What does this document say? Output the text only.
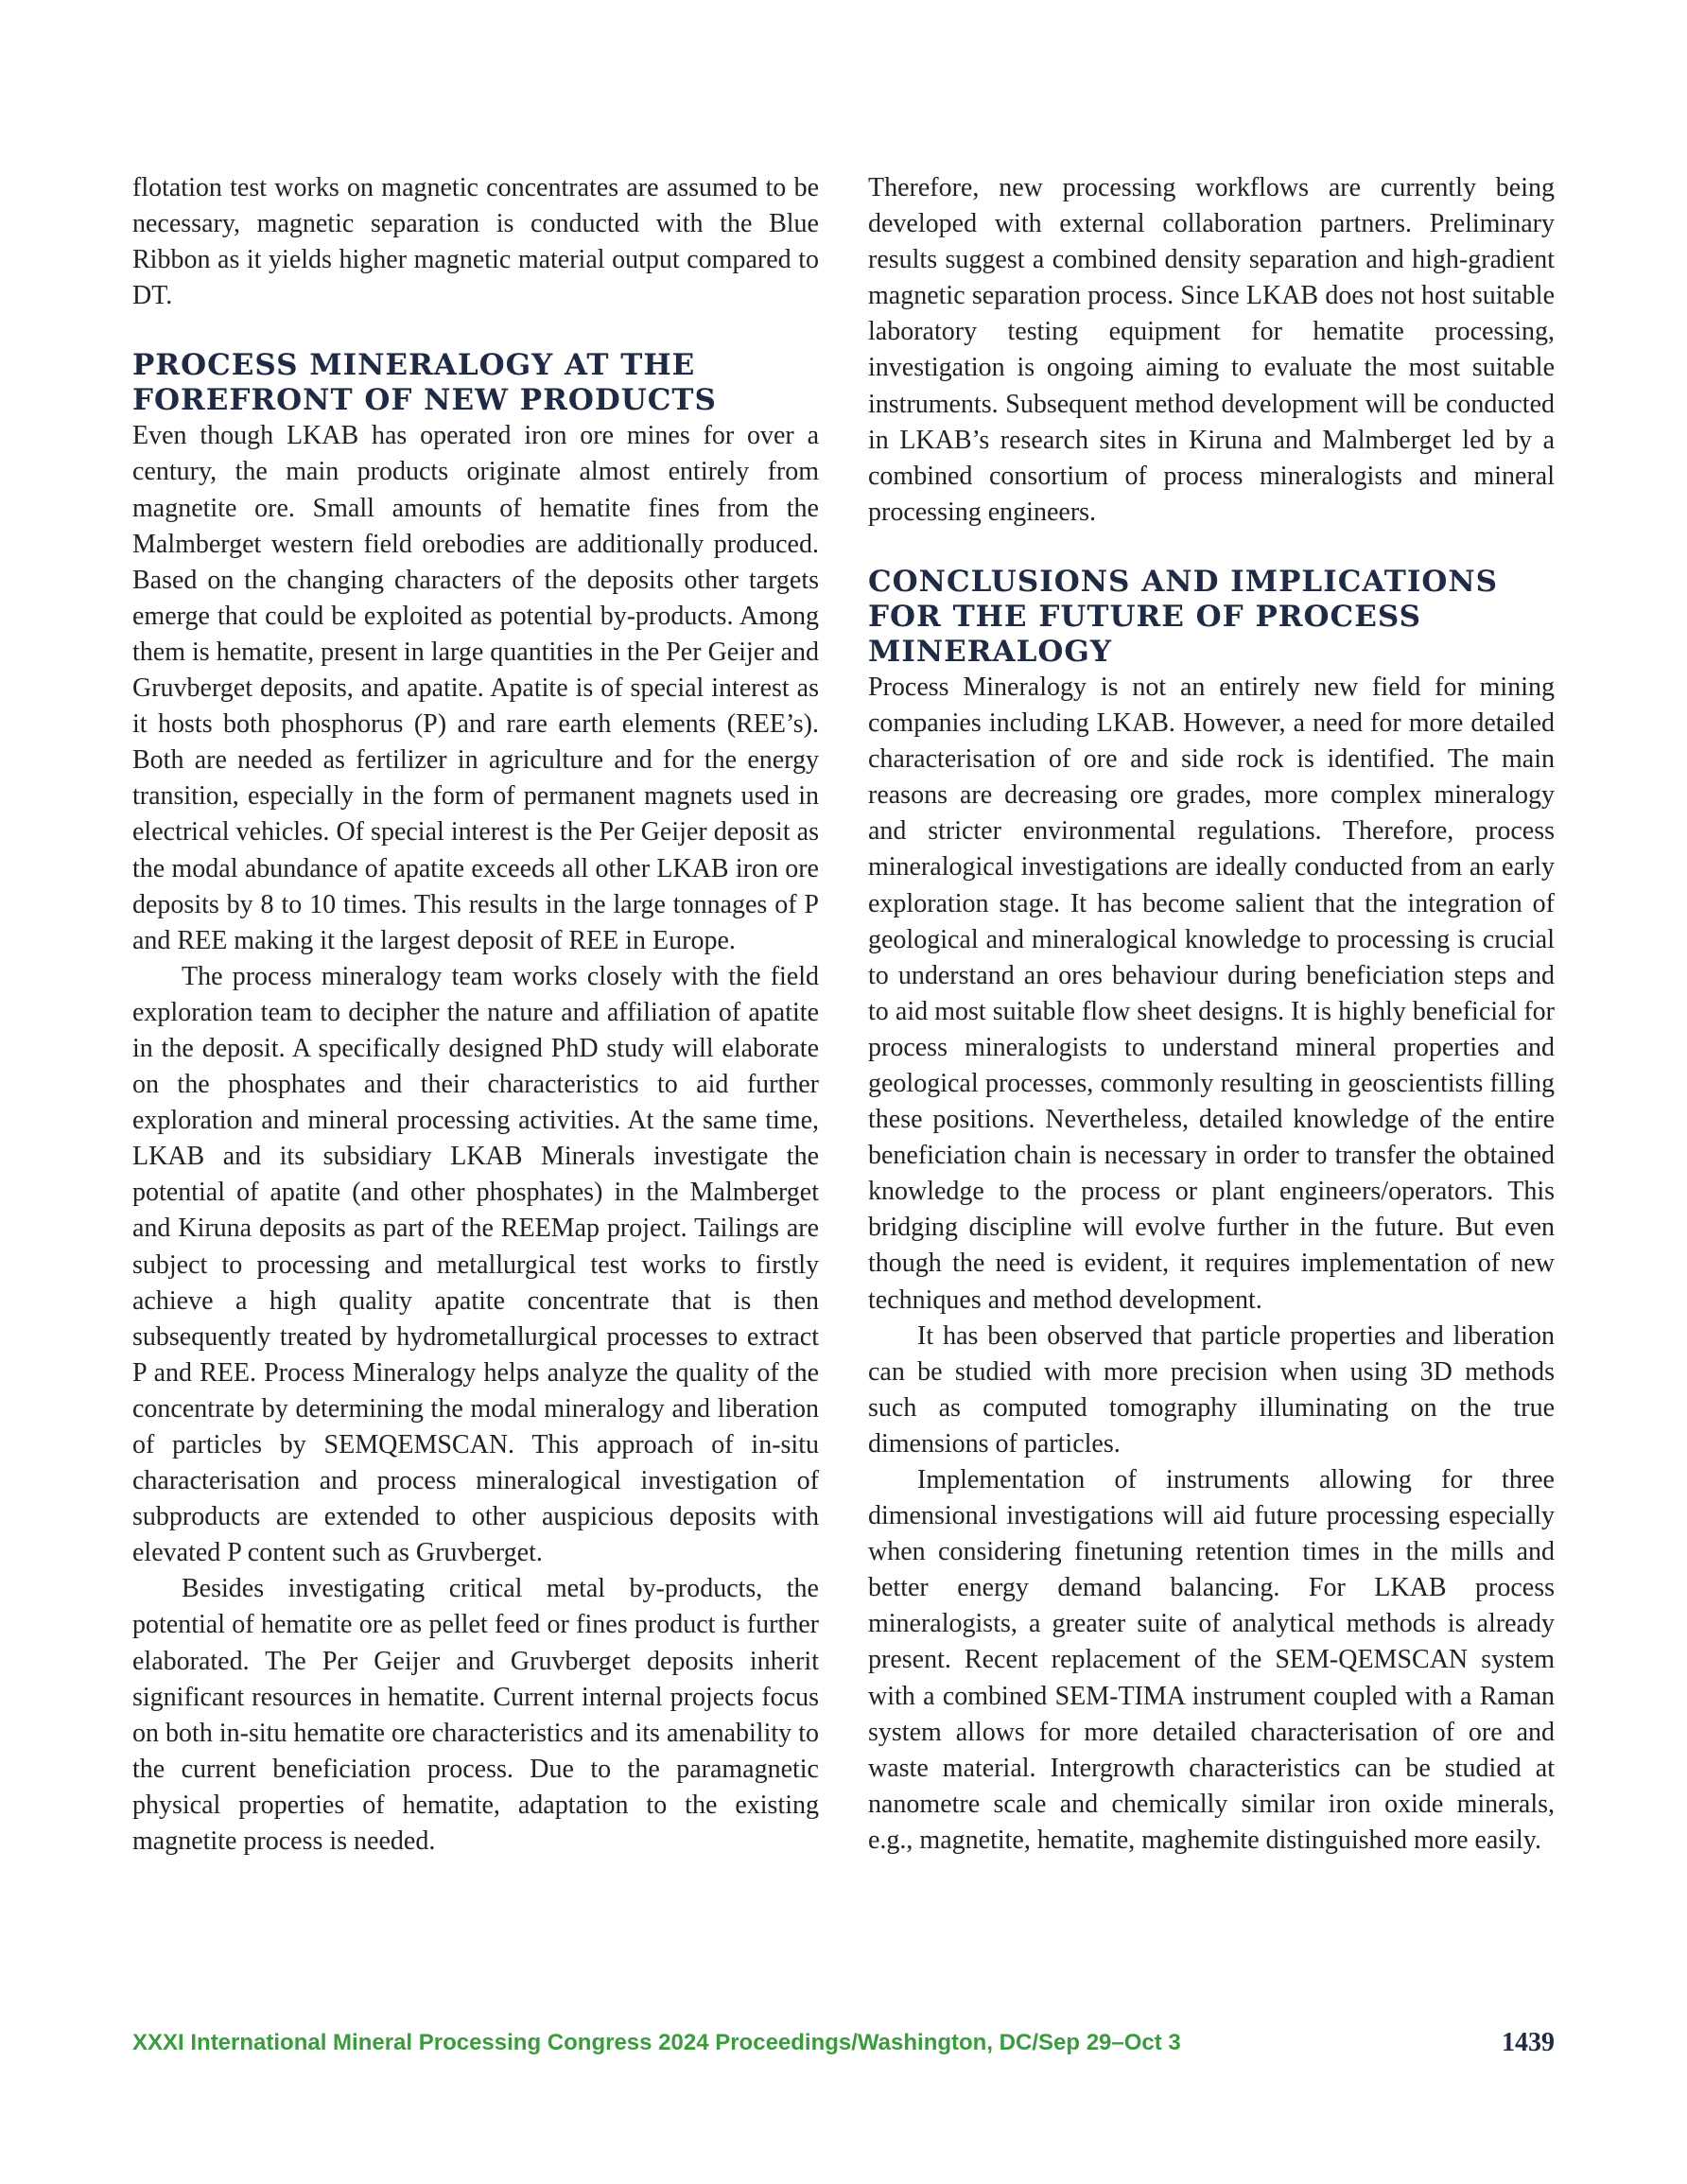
flotation test works on magnetic concentrates are assumed to be necessary, magnetic separation is conducted with the Blue Ribbon as it yields higher magnetic material output compared to DT.

PROCESS MINERALOGY AT THE FOREFRONT OF NEW PRODUCTS

Even though LKAB has operated iron ore mines for over a century, the main products originate almost entirely from magnetite ore. Small amounts of hematite fines from the Malmberget western field orebodies are additionally produced. Based on the changing characters of the deposits other targets emerge that could be exploited as potential by-products. Among them is hematite, present in large quantities in the Per Geijer and Gruvberget deposits, and apatite. Apatite is of special interest as it hosts both phosphorus (P) and rare earth elements (REE’s). Both are needed as fertilizer in agriculture and for the energy transition, especially in the form of permanent magnets used in electrical vehicles. Of special interest is the Per Geijer deposit as the modal abundance of apatite exceeds all other LKAB iron ore deposits by 8 to 10 times. This results in the large tonnages of P and REE making it the largest deposit of REE in Europe.

The process mineralogy team works closely with the field exploration team to decipher the nature and affiliation of apatite in the deposit. A specifically designed PhD study will elaborate on the phosphates and their characteristics to aid further exploration and mineral processing activities. At the same time, LKAB and its subsidiary LKAB Minerals investigate the potential of apatite (and other phosphates) in the Malmberget and Kiruna deposits as part of the REEMap project. Tailings are subject to processing and metallurgical test works to firstly achieve a high quality apatite concentrate that is then subsequently treated by hydrometallurgical processes to extract P and REE. Process Mineralogy helps analyze the quality of the concentrate by determining the modal mineralogy and liberation of particles by SEMQEMSCAN. This approach of in-situ characterisation and process mineralogical investigation of subproducts are extended to other auspicious deposits with elevated P content such as Gruvberget.

Besides investigating critical metal by-products, the potential of hematite ore as pellet feed or fines product is further elaborated. The Per Geijer and Gruvberget deposits inherit significant resources in hematite. Current internal projects focus on both in-situ hematite ore characteristics and its amenability to the current beneficiation process. Due to the paramagnetic physical properties of hematite, adaptation to the existing magnetite process is needed.

Therefore, new processing workflows are currently being developed with external collaboration partners. Preliminary results suggest a combined density separation and high-gradient magnetic separation process. Since LKAB does not host suitable laboratory testing equipment for hematite processing, investigation is ongoing aiming to evaluate the most suitable instruments. Subsequent method development will be conducted in LKAB’s research sites in Kiruna and Malmberget led by a combined consortium of process mineralogists and mineral processing engineers.

CONCLUSIONS AND IMPLICATIONS FOR THE FUTURE OF PROCESS MINERALOGY

Process Mineralogy is not an entirely new field for mining companies including LKAB. However, a need for more detailed characterisation of ore and side rock is identified. The main reasons are decreasing ore grades, more complex mineralogy and stricter environmental regulations. Therefore, process mineralogical investigations are ideally conducted from an early exploration stage. It has become salient that the integration of geological and mineralogical knowledge to processing is crucial to understand an ores behaviour during beneficiation steps and to aid most suitable flow sheet designs. It is highly beneficial for process mineralogists to understand mineral properties and geological processes, commonly resulting in geoscientists filling these positions. Nevertheless, detailed knowledge of the entire beneficiation chain is necessary in order to transfer the obtained knowledge to the process or plant engineers/operators. This bridging discipline will evolve further in the future. But even though the need is evident, it requires implementation of new techniques and method development.

It has been observed that particle properties and liberation can be studied with more precision when using 3D methods such as computed tomography illuminating on the true dimensions of particles.

Implementation of instruments allowing for three dimensional investigations will aid future processing especially when considering finetuning retention times in the mills and better energy demand balancing. For LKAB process mineralogists, a greater suite of analytical methods is already present. Recent replacement of the SEM-QEMSCAN system with a combined SEM-TIMA instrument coupled with a Raman system allows for more detailed characterisation of ore and waste material. Intergrowth characteristics can be studied at nanometre scale and chemically similar iron oxide minerals, e.g., magnetite, hematite, maghemite distinguished more easily.

XXXI International Mineral Processing Congress 2024 Proceedings/Washington, DC/Sep 29–Oct 3	1439
